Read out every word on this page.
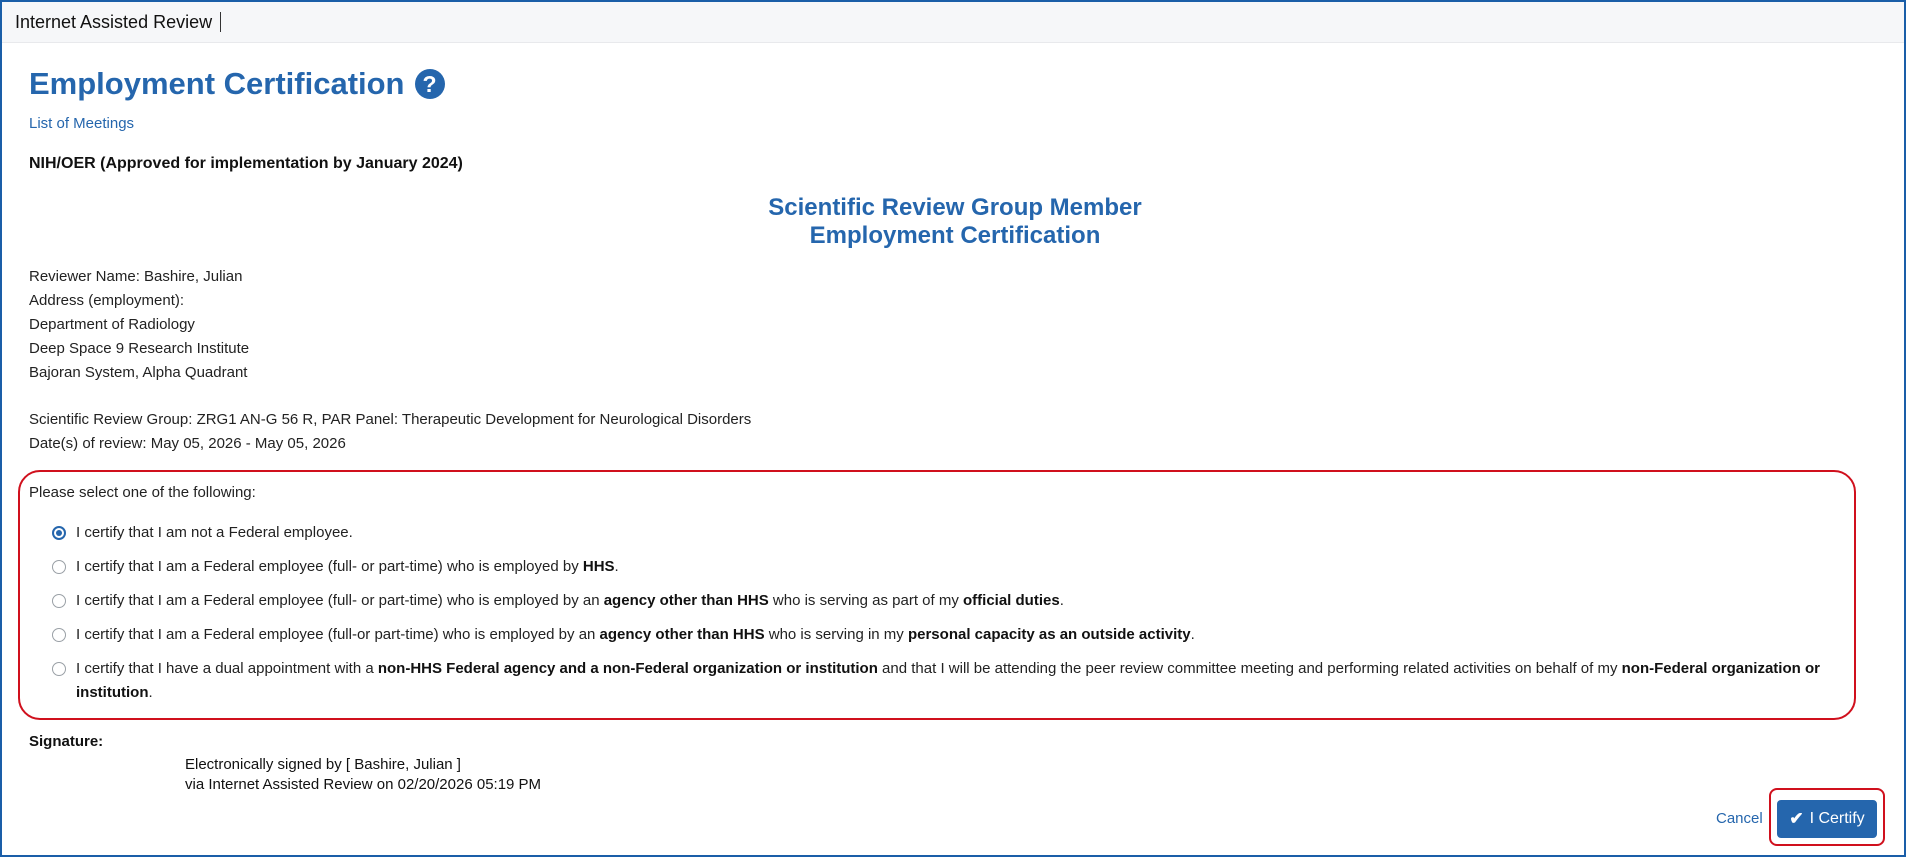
Internet Assisted Review
Employment Certification ?
List of Meetings
NIH/OER (Approved for implementation by January 2024)
Scientific Review Group Member
Employment Certification
Reviewer Name: Bashire, Julian
Address (employment):
Department of Radiology
Deep Space 9 Research Institute
Bajoran System, Alpha Quadrant
Scientific Review Group: ZRG1 AN-G 56 R, PAR Panel: Therapeutic Development for Neurological Disorders
Date(s) of review: May 05, 2026 - May 05, 2026
Please select one of the following:
I certify that I am not a Federal employee.
I certify that I am a Federal employee (full- or part-time) who is employed by HHS.
I certify that I am a Federal employee (full- or part-time) who is employed by an agency other than HHS who is serving as part of my official duties.
I certify that I am a Federal employee (full-or part-time) who is employed by an agency other than HHS who is serving in my personal capacity as an outside activity.
I certify that I have a dual appointment with a non-HHS Federal agency and a non-Federal organization or institution and that I will be attending the peer review committee meeting and performing related activities on behalf of my non-Federal organization or institution.
Signature:
Electronically signed by [ Bashire, Julian ]
via Internet Assisted Review on 02/20/2026 05:19 PM
Cancel ✔ I Certify
